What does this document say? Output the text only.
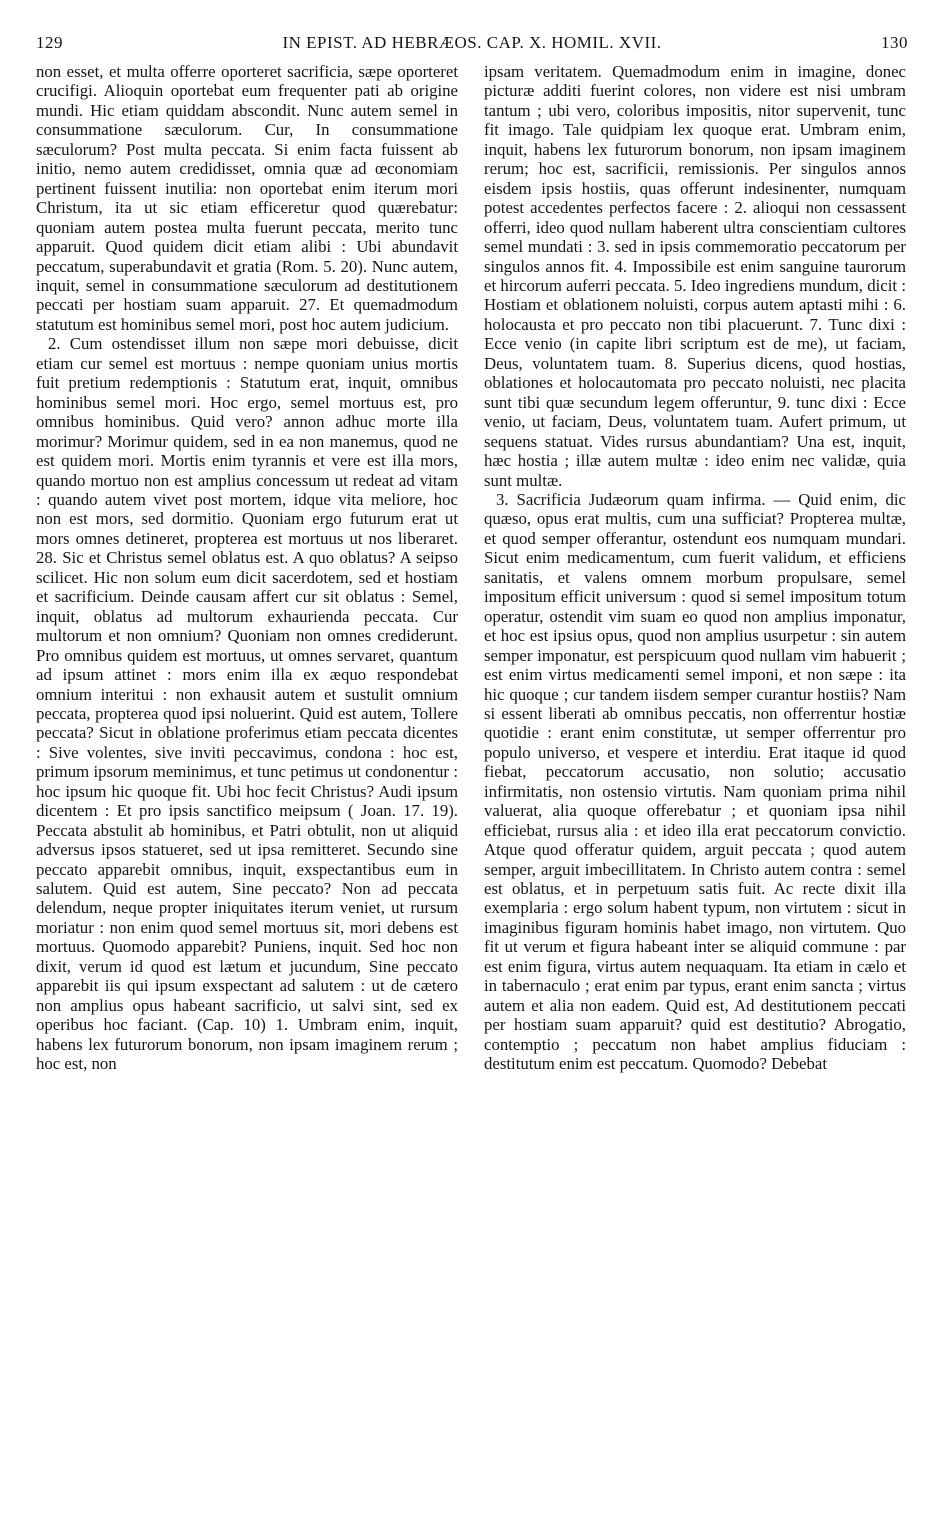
129	IN EPIST. AD HEBRÆOS. CAP. X. HOMIL. XVII.	130

non esset, et multa offerre oporteret sacrificia, sæpe oporteret crucifigi. Alioquin oportebat eum frequenter pati ab origine mundi. Hic etiam quiddam abscondit. Nunc autem semel in consummatione sæculorum. Cur, In consummatione sæculorum? Post multa peccata. Si enim facta fuissent ab initio, nemo autem credidisset, omnia quæ ad œconomiam pertinent fuissent inutilia: non oportebat enim iterum mori Christum, ita ut sic etiam efficeretur quod quærebatur: quoniam autem postea multa fuerunt peccata, merito tunc apparuit. Quod quidem dicit etiam alibi : Ubi abundavit peccatum, superabundavit et gratia (Rom. 5. 20). Nunc autem, inquit, semel in consummatione sæculorum ad destitutionem peccati per hostiam suam apparuit. 27. Et quemadmodum statutum est hominibus semel mori, post hoc autem judicium.

2. Cum ostendisset illum non sæpe mori debuisse, dicit etiam cur semel est mortuus : nempe quoniam unius mortis fuit pretium redemptionis : Statutum erat, inquit, omnibus hominibus semel mori. Hoc ergo, semel mortuus est, pro omnibus hominibus. Quid vero? annon adhuc morte illa morimur? Morimur quidem, sed in ea non manemus, quod ne est quidem mori. Mortis enim tyrannis et vere est illa mors, quando mortuo non est amplius concessum ut redeat ad vitam : quando autem vivet post mortem, idque vita meliore, hoc non est mors, sed dormitio. Quoniam ergo futurum erat ut mors omnes detineret, propterea est mortuus ut nos liberaret. 28. Sic et Christus semel oblatus est. A quo oblatus? A seipso scilicet. Hic non solum eum dicit sacerdotem, sed et hostiam et sacrificium. Deinde causam affert cur sit oblatus : Semel, inquit, oblatus ad multorum exhaurienda peccata. Cur multorum et non omnium? Quoniam non omnes crediderunt. Pro omnibus quidem est mortuus, ut omnes servaret, quantum ad ipsum attinet : mors enim illa ex æquo respondebat omnium interitui : non exhausit autem et sustulit omnium peccata, propterea quod ipsi noluerint. Quid est autem, Tollere peccata? Sicut in oblatione proferimus etiam peccata dicentes : Sive volentes, sive inviti peccavimus, condona : hoc est, primum ipsorum meminimus, et tunc petimus ut condonentur : hoc ipsum hic quoque fit. Ubi hoc fecit Christus? Audi ipsum dicentem : Et pro ipsis sanctifico meipsum ( Joan. 17. 19). Peccata abstulit ab hominibus, et Patri obtulit, non ut aliquid adversus ipsos statueret, sed ut ipsa remitteret. Secundo sine peccato apparebit omnibus, inquit, exspectantibus eum in salutem. Quid est autem, Sine peccato? Non ad peccata delendum, neque propter iniquitates iterum veniet, ut rursum moriatur : non enim quod semel mortuus sit, mori debens est mortuus. Quomodo apparebit? Puniens, inquit. Sed hoc non dixit, verum id quod est lætum et jucundum, Sine peccato apparebit iis qui ipsum exspectant ad salutem : ut de cætero non amplius opus habeant sacrificio, ut salvi sint, sed ex operibus hoc faciant. (Cap. 10) 1. Umbram enim, inquit, habens lex futurorum bonorum, non ipsam imaginem rerum ; hoc est, non

ipsam veritatem. Quemadmodum enim in imagine, donec picturæ additi fuerint colores, non videre est nisi umbram tantum ; ubi vero, coloribus impositis, nitor supervenit, tunc fit imago. Tale quidpiam lex quoque erat. Umbram enim, inquit, habens lex futurorum bonorum, non ipsam imaginem rerum; hoc est, sacrificii, remissionis. Per singulos annos eisdem ipsis hostiis, quas offerunt indesinenter, numquam potest accedentes perfectos facere : 2. alioqui non cessassent offerri, ideo quod nullam haberent ultra conscientiam cultores semel mundati : 3. sed in ipsis commemoratio peccatorum per singulos annos fit. 4. Impossibile est enim sanguine taurorum et hircorum auferri peccata. 5. Ideo ingrediens mundum, dicit : Hostiam et oblationem noluisti, corpus autem aptasti mihi : 6. holocausta et pro peccato non tibi placuerunt. 7. Tunc dixi : Ecce venio (in capite libri scriptum est de me), ut faciam, Deus, voluntatem tuam. 8. Superius dicens, quod hostias, oblationes et holocautomata pro peccato noluisti, nec placita sunt tibi quæ secundum legem offeruntur, 9. tunc dixi : Ecce venio, ut faciam, Deus, voluntatem tuam. Aufert primum, ut sequens statuat. Vides rursus abundantiam? Una est, inquit, hæc hostia ; illæ autem multæ : ideo enim nec validæ, quia sunt multæ.

3. Sacrificia Judæorum quam infirma. — Quid enim, dic quæso, opus erat multis, cum una sufficiat? Propterea multæ, et quod semper offerantur, ostendunt eos numquam mundari. Sicut enim medicamentum, cum fuerit validum, et efficiens sanitatis, et valens omnem morbum propulsare, semel impositum efficit universum : quod si semel impositum totum operatur, ostendit vim suam eo quod non amplius imponatur, et hoc est ipsius opus, quod non amplius usurpetur : sin autem semper imponatur, est perspicuum quod nullam vim habuerit ; est enim virtus medicamenti semel imponi, et non sæpe : ita hic quoque ; cur tandem iisdem semper curantur hostiis? Nam si essent liberati ab omnibus peccatis, non offerrentur hostiæ quotidie : erant enim constitutæ, ut semper offerrentur pro populo universo, et vespere et interdiu. Erat itaque id quod fiebat, peccatorum accusatio, non solutio; accusatio infirmitatis, non ostensio virtutis. Nam quoniam prima nihil valuerat, alia quoque offerebatur ; et quoniam ipsa nihil efficiebat, rursus alia : et ideo illa erat peccatorum convictio. Atque quod offeratur quidem, arguit peccata ; quod autem semper, arguit imbecillitatem. In Christo autem contra : semel est oblatus, et in perpetuum satis fuit. Ac recte dixit illa exemplaria : ergo solum habent typum, non virtutem : sicut in imaginibus figuram hominis habet imago, non virtutem. Quo fit ut verum et figura habeant inter se aliquid commune : par est enim figura, virtus autem nequaquam. Ita etiam in cælo et in tabernaculo ; erat enim par typus, erant enim sancta ; virtus autem et alia non eadem. Quid est, Ad destitutionem peccati per hostiam suam apparuit? quid est destitutio? Abrogatio, contemptio ; peccatum non habet amplius fiduciam : destitutum enim est peccatum. Quomodo? Debebat
